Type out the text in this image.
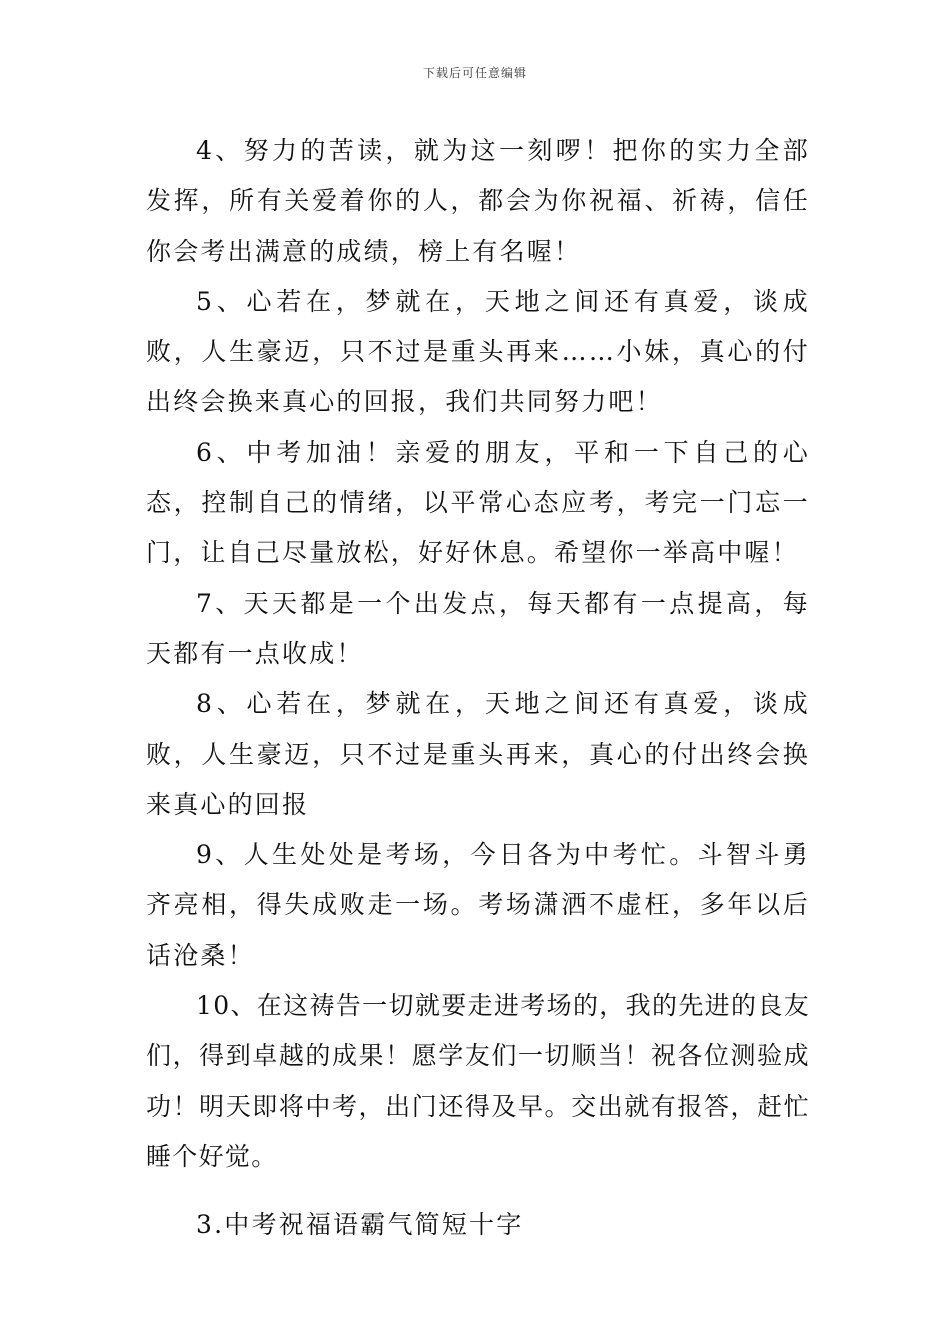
下载后可任意编辑

4、努力的苦读，就为这一刻啰！把你的实力全部发挥，所有关爱着你的人，都会为你祝福、祈祷，信任你会考出满意的成绩，榜上有名喔！

5、心若在，梦就在，天地之间还有真爱，谈成败，人生豪迈，只不过是重头再来……小妹，真心的付出终会换来真心的回报，我们共同努力吧！

6、中考加油！亲爱的朋友，平和一下自己的心态，控制自己的情绪，以平常心态应考，考完一门忘一门，让自己尽量放松，好好休息。希望你一举高中喔！

7、天天都是一个出发点，每天都有一点提高，每天都有一点收成！

8、心若在，梦就在，天地之间还有真爱，谈成败，人生豪迈，只不过是重头再来，真心的付出终会换来真心的回报

9、人生处处是考场，今日各为中考忙。斗智斗勇齐亮相，得失成败走一场。考场潇洒不虚枉，多年以后话沧桑！

10、在这祷告一切就要走进考场的，我的先进的良友们，得到卓越的成果！愿学友们一切顺当！祝各位测验成功！明天即将中考，出门还得及早。交出就有报答，赶忙睡个好觉。

3.中考祝福语霸气简短十字
